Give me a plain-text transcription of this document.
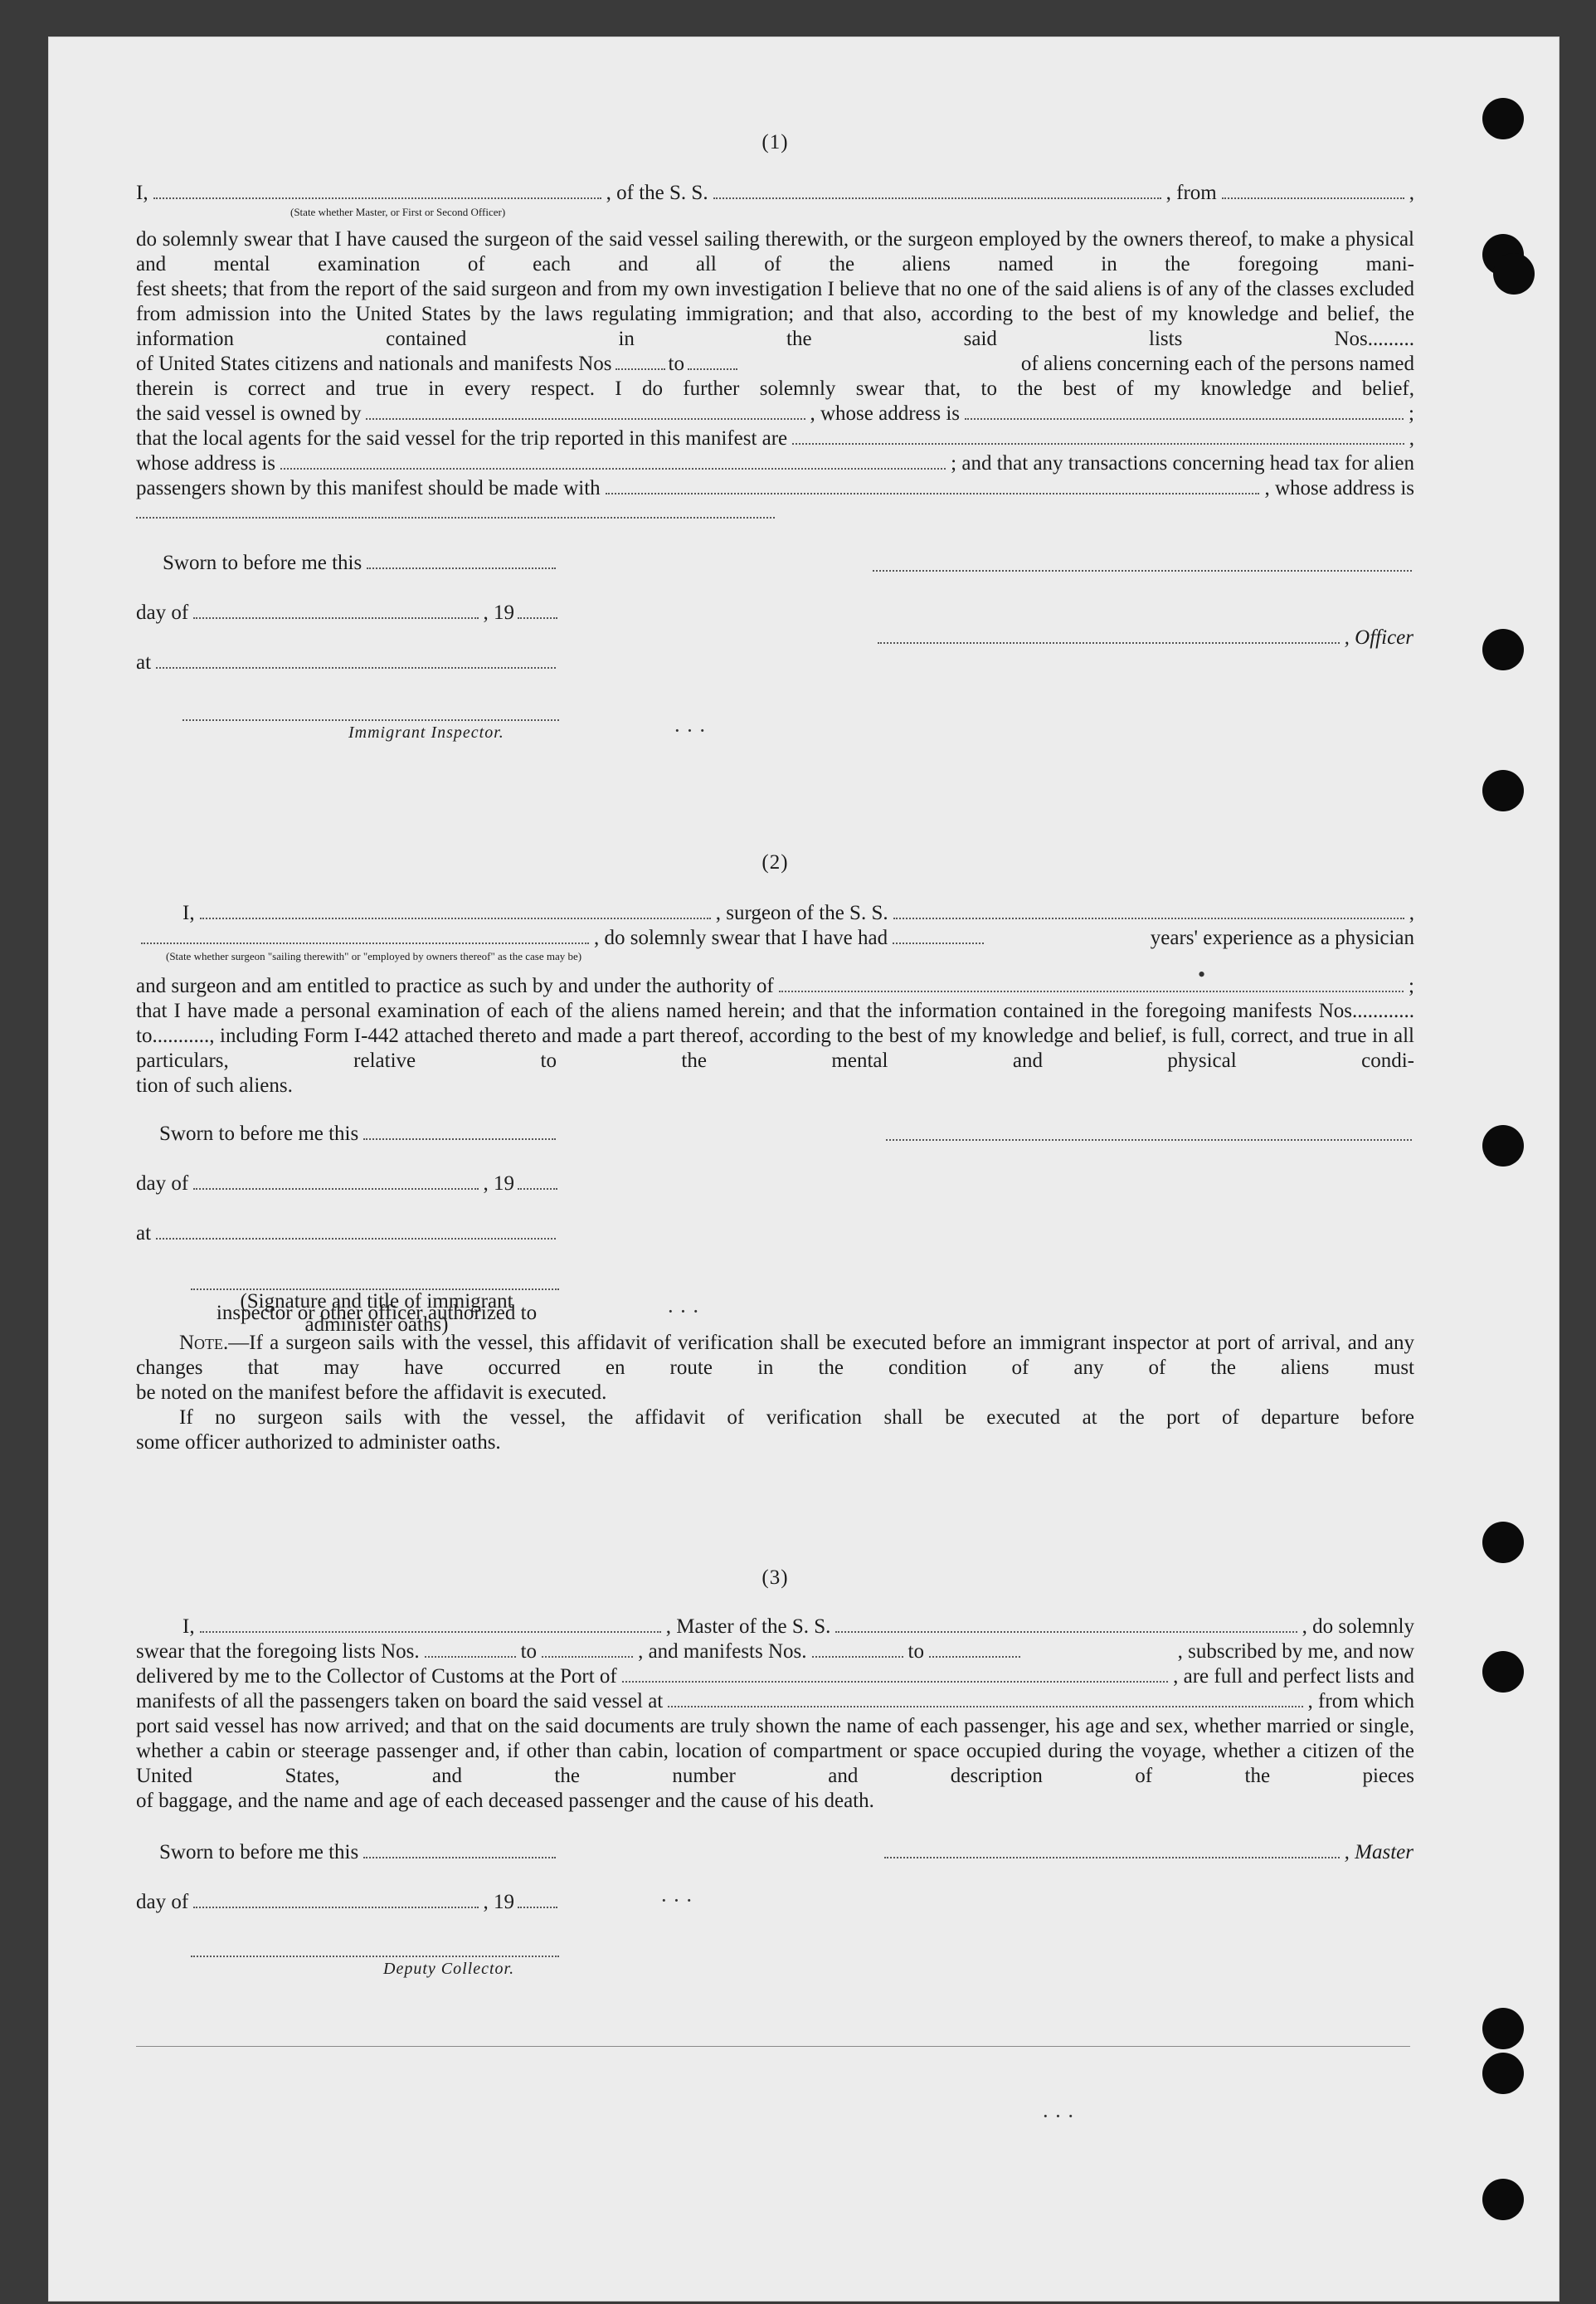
(1)
I,	, of the S. S.	, from	,
(State whether Master, or First or Second Officer)
do solemnly swear that I have caused the surgeon of the said vessel sailing therewith, or the surgeon employed by the owners thereof, to make a physical and mental examination of each and all of the aliens named in the foregoing mani-
fest sheets; that from the report of the said surgeon and from my own investigation I believe that no one of the said aliens is of any of the classes excluded from admission into the United States by the laws regulating immigration; and that also, according to the best of my knowledge and belief, the information contained in the said lists Nos.........
of United States citizens and nationals and manifests Nos	to	of aliens concerning each of the persons named
therein is correct and true in every respect. I do further solemnly swear that, to the best of my knowledge and belief,
the said vessel is owned by	, whose address is	;
that the local agents for the said vessel for the trip reported in this manifest are	,
whose address is	; and that any transactions concerning head tax for alien
passengers shown by this manifest should be made with	, whose address is
Sworn to before me this
day of	, 19
, Officer
at
Immigrant Inspector.
(2)
I,	, surgeon of the S. S.	,
, do solemnly swear that I have had	years' experience as a physician
(State whether surgeon "sailing therewith" or "employed by owners thereof" as the case may be)
and surgeon and am entitled to practice as such by and under the authority of	;
that I have made a personal examination of each of the aliens named herein; and that the information contained in the foregoing manifests Nos............ to..........., including Form I-442 attached thereto and made a part thereof, according to the best of my knowledge and belief, is full, correct, and true in all particulars, relative to the mental and physical condi-
tion of such aliens.
Sworn to before me this
day of	, 19
at
(Signature and title of immigrant inspector or other officer authorized to administer oaths)
Note.—If a surgeon sails with the vessel, this affidavit of verification shall be executed before an immigrant inspector at port of arrival, and any changes that may have occurred en route in the condition of any of the aliens must
be noted on the manifest before the affidavit is executed.
If no surgeon sails with the vessel, the affidavit of verification shall be executed at the port of departure before
some officer authorized to administer oaths.
(3)
I,	, Master of the S. S.	, do solemnly
swear that the foregoing lists Nos.	to	, and manifests Nos.	to	, subscribed by me, and now
delivered by me to the Collector of Customs at the Port of	, are full and perfect lists and
manifests of all the passengers taken on board the said vessel at	, from which
port said vessel has now arrived; and that on the said documents are truly shown the name of each passenger, his age and sex, whether married or single, whether a cabin or steerage passenger and, if other than cabin, location of compartment or space occupied during the voyage, whether a citizen of the United States, and the number and description of the pieces
of baggage, and the name and age of each deceased passenger and the cause of his death.
Sworn to before me this	, Master
day of	, 19
Deputy Collector.
· · ·
· · ·
· · ·
· · ·
•
